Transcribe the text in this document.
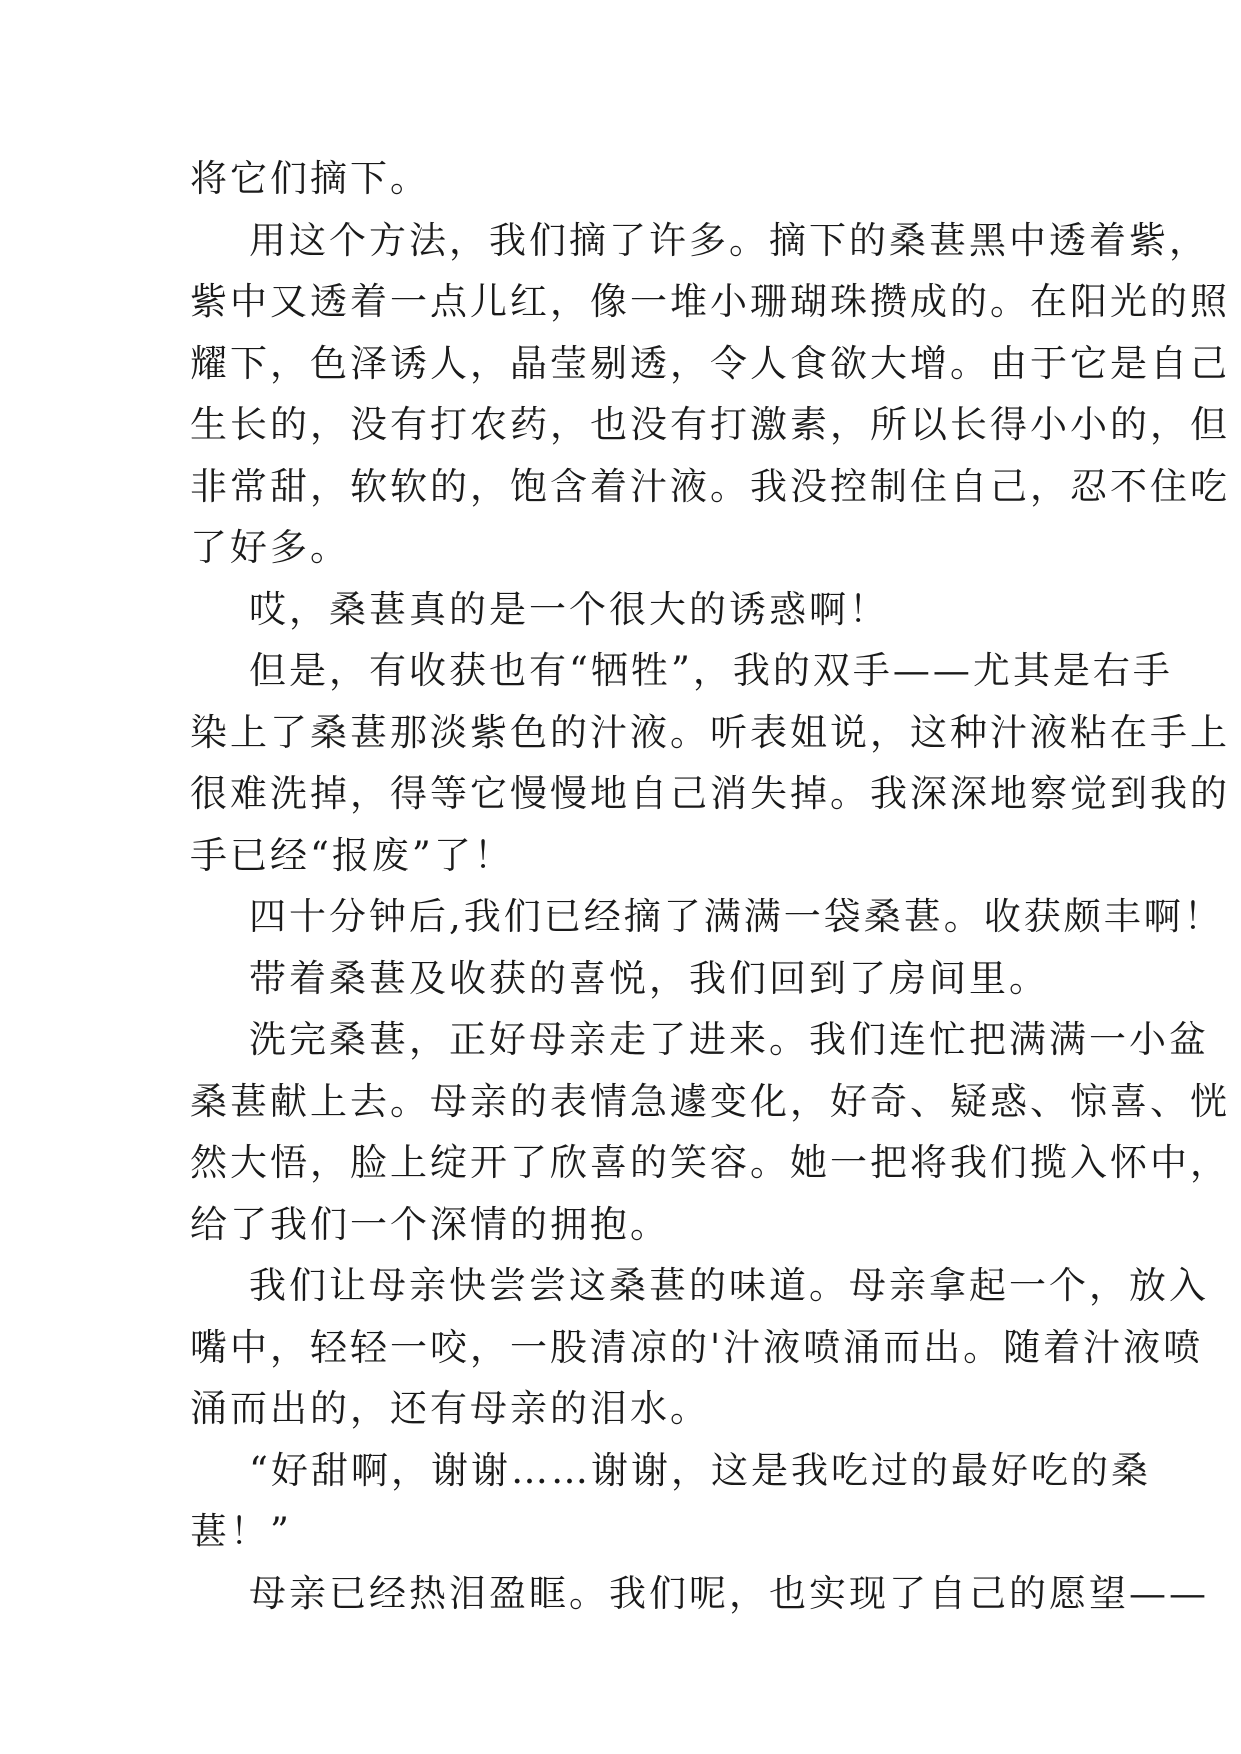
将它们摘下。
用这个方法，我们摘了许多。摘下的桑葚黑中透着紫，
紫中又透着一点儿红，像一堆小珊瑚珠攒成的。在阳光的照
耀下，色泽诱人，晶莹剔透，令人食欲大增。由于它是自己
生长的，没有打农药，也没有打激素，所以长得小小的，但
非常甜，软软的，饱含着汁液。我没控制住自己，忍不住吃
了好多。
哎，桑葚真的是一个很大的诱惑啊！
但是，有收获也有“牺牲”，我的双手——尤其是右手
染上了桑葚那淡紫色的汁液。听表姐说，这种汁液粘在手上
很难洗掉，得等它慢慢地自己消失掉。我深深地察觉到我的
手已经“报废”了！
四十分钟后,我们已经摘了满满一袋桑葚。收获颇丰啊！
带着桑葚及收获的喜悦，我们回到了房间里。
洗完桑葚，正好母亲走了进来。我们连忙把满满一小盆
桑葚献上去。母亲的表情急遽变化，好奇、疑惑、惊喜、恍
然大悟，脸上绽开了欣喜的笑容。她一把将我们揽入怀中，
给了我们一个深情的拥抱。
我们让母亲快尝尝这桑葚的味道。母亲拿起一个，放入
嘴中，轻轻一咬，一股清凉的'汁液喷涌而出。随着汁液喷
涌而出的，还有母亲的泪水。
“好甜啊，谢谢……谢谢，这是我吃过的最好吃的桑
葚！”
母亲已经热泪盈眶。我们呢，也实现了自己的愿望——
